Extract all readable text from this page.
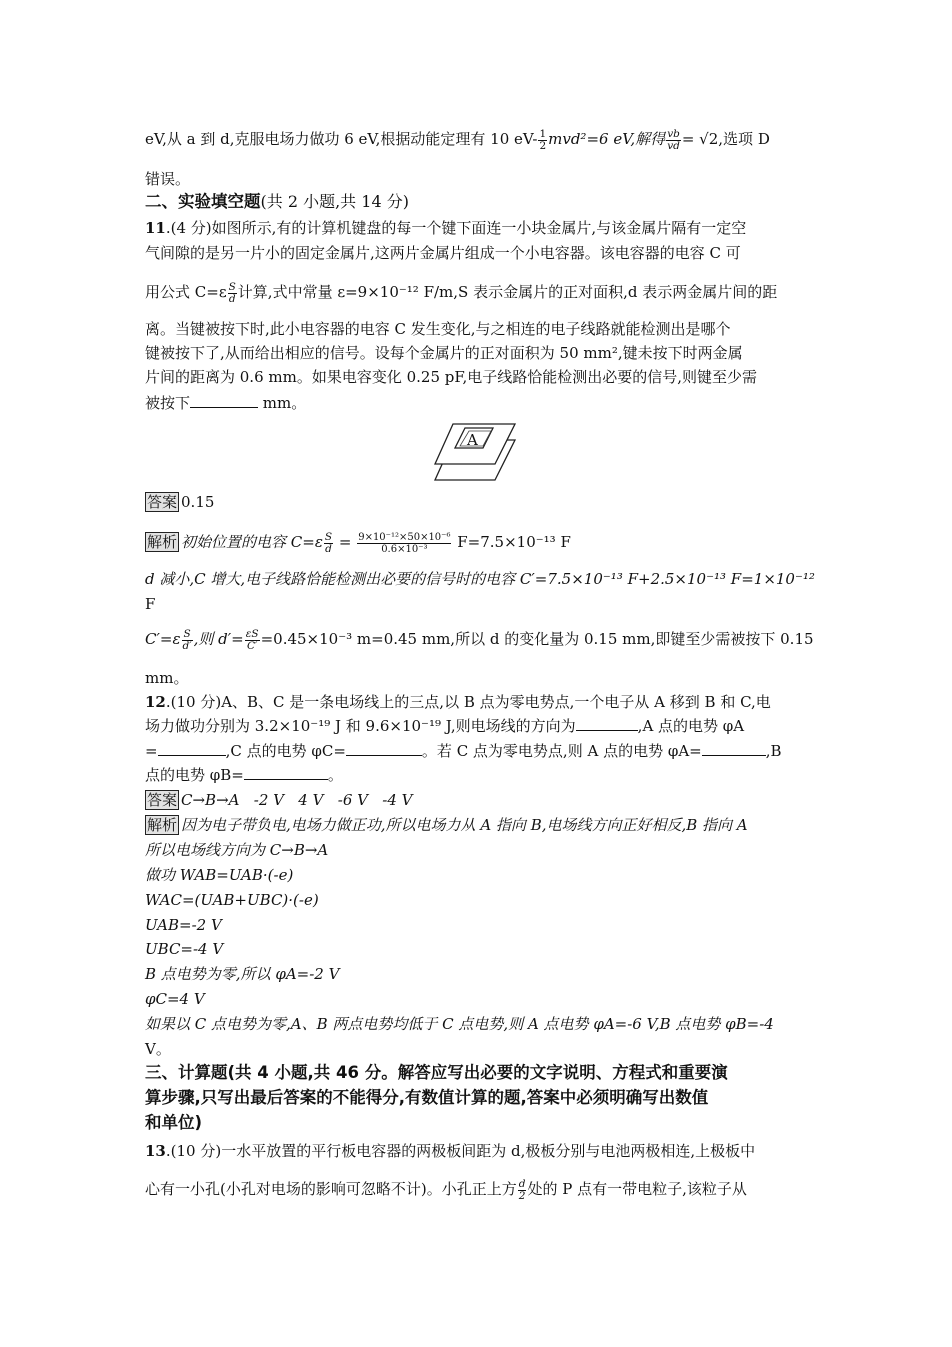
eV,从 a 到 d,克服电场力做功 6 eV,根据动能定理有 10 $eV- \frac{1}{2} mvd^2=6$ eV,解得 $\frac{vb}{vd} = √2$,选项 D
错误。
二、实验填空题(共 2 小题,共 14 分)
11.(4 分)如图所示,有的计算机键盘的每一个键下面连一小块金属片,与该金属片隔有一定空
气间隙的是另一片小的固定金属片,这两片金属片组成一个小电容器。该电容器的电容 C 可
用公式 $C=\varepsilon \frac{S}{d}$ 计算,式中常量 ε=9×10⁻¹² F/m,S 表示金属片的正对面积,d 表示两金属片间的距
离。当键被按下时,此小电容器的电容 C 发生变化,与之相连的电子线路就能检测出是哪个
键被按下了,从而给出相应的信号。设每个金属片的正对面积为 50 mm²,键未按下时两金属
片间的距离为 0.6 mm。如果电容变化 0.25 pF,电子线路恰能检测出必要的信号,则键至少需
被按下	mm。
A
答案 0.15
解析 初始位置的电容 $C=\varepsilon \frac{S}{d} = \frac{\text{9×10⁻¹²×50×10⁻⁶}}{\text{0.6×10⁻³}} F=7.5\times 10^{-13}$ F
d 减小,C 增大,电子线路恰能检测出必要的信号时的电容 C′=7.5×10⁻¹³ F+2.5×10⁻¹³ F=1×10⁻¹²
F
$C'=\varepsilon \frac{S}{d'}$ ,则 $d'= \frac{\varepsilon S}{C'} =0.45\times 10^{-3}$ m=0.45 mm,所以 d 的变化量为 0.15 mm,即键至少需被按下 0.15
mm。
12.(10 分)A、B、C 是一条电场线上的三点,以 B 点为零电势点,一个电子从 A 移到 B 和 C,电
场力做功分别为 3.2×10⁻¹⁹ J 和 9.6×10⁻¹⁹ J,则电场线的方向为	,A 点的电势 φA
=	,C 点的电势 φC=	。若 C 点为零电势点,则 A 点的电势 φA=	,B
点的电势 φB=	。
答案 C→B→A   -2 V   4 V   -6 V   -4 V
解析 因为电子带负电,电场力做正功,所以电场力从 A 指向 B,电场线方向正好相反,B 指向 A
所以电场线方向为 C→B→A
做功 WAB=UAB·(-e)
WAC=(UAB+UBC)·(-e)
UAB=-2 V
UBC=-4 V
B 点电势为零,所以 φA=-2 V
φC=4 V
如果以 C 点电势为零,A、B 两点电势均低于 C 点电势,则 A 点电势 φA=-6 V,B 点电势 φB=-4
V。
三、计算题(共 4 小题,共 46 分。解答应写出必要的文字说明、方程式和重要演
算步骤,只写出最后答案的不能得分,有数值计算的题,答案中必须明确写出数值
和单位)
13.(10 分)一水平放置的平行板电容器的两极板间距为 d,极板分别与电池两极相连,上极板中
心有一小孔(小孔对电场的影响可忽略不计)。小孔正上方 $\frac{d}{2}$ 处的 P 点有一带电粒子,该粒子从
